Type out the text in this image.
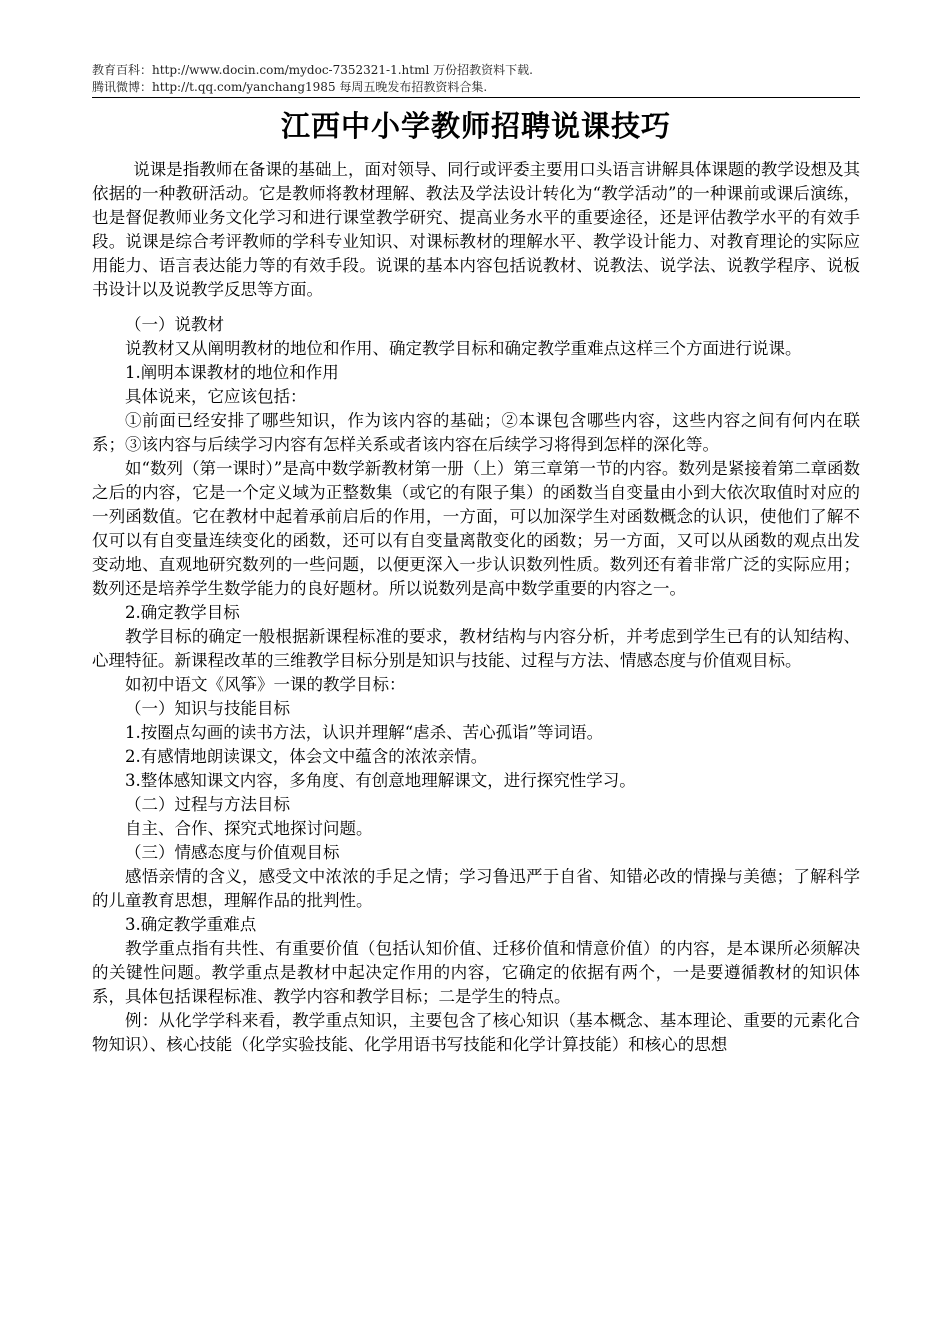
教育百科：http://www.docin.com/mydoc-7352321-1.html 万份招教资料下载.
腾讯微博：http://t.qq.com/yanchang1985 每周五晚发布招教资料合集.
江西中小学教师招聘说课技巧

说课是指教师在备课的基础上，面对领导、同行或评委主要用口头语言讲解具体课题的教学设想及其依据的一种教研活动。它是教师将教材理解、教法及学法设计转化为“教学活动”的一种课前或课后演练，也是督促教师业务文化学习和进行课堂教学研究、提高业务水平的重要途径，还是评估教学水平的有效手段。说课是综合考评教师的学科专业知识、对课标教材的理解水平、教学设计能力、对教育理论的实际应用能力、语言表达能力等的有效手段。说课的基本内容包括说教材、说教法、说学法、说教学程序、说板书设计以及说教学反思等方面。

（一）说教材

说教材又从阐明教材的地位和作用、确定教学目标和确定教学重难点这样三个方面进行说课。

1.阐明本课教材的地位和作用

具体说来，它应该包括：

①前面已经安排了哪些知识，作为该内容的基础；②本课包含哪些内容，这些内容之间有何内在联系；③该内容与后续学习内容有怎样关系或者该内容在后续学习将得到怎样的深化等。

如“数列（第一课时）”是高中数学新教材第一册（上）第三章第一节的内容。数列是紧接着第二章函数之后的内容，它是一个定义域为正整数集（或它的有限子集）的函数当自变量由小到大依次取值时对应的一列函数值。它在教材中起着承前启后的作用，一方面，可以加深学生对函数概念的认识，使他们了解不仅可以有自变量连续变化的函数，还可以有自变量离散变化的函数；另一方面，又可以从函数的观点出发变动地、直观地研究数列的一些问题，以便更深入一步认识数列性质。数列还有着非常广泛的实际应用；数列还是培养学生数学能力的良好题材。所以说数列是高中数学重要的内容之一。

2.确定教学目标

教学目标的确定一般根据新课程标准的要求，教材结构与内容分析，并考虑到学生已有的认知结构、心理特征。新课程改革的三维教学目标分别是知识与技能、过程与方法、情感态度与价值观目标。

如初中语文《风筝》一课的教学目标：

（一）知识与技能目标

1.按圈点勾画的读书方法，认识并理解“虐杀、苦心孤诣”等词语。

2.有感情地朗读课文，体会文中蕴含的浓浓亲情。

3.整体感知课文内容，多角度、有创意地理解课文，进行探究性学习。

（二）过程与方法目标

自主、合作、探究式地探讨问题。

（三）情感态度与价值观目标

感悟亲情的含义，感受文中浓浓的手足之情；学习鲁迅严于自省、知错必改的情操与美德；了解科学的儿童教育思想，理解作品的批判性。

3.确定教学重难点

教学重点指有共性、有重要价值（包括认知价值、迁移价值和情意价值）的内容，是本课所必须解决的关键性问题。教学重点是教材中起决定作用的内容，它确定的依据有两个，一是要遵循教材的知识体系，具体包括课程标准、教学内容和教学目标；二是学生的特点。

例：从化学学科来看，教学重点知识，主要包含了核心知识（基本概念、基本理论、重要的元素化合物知识）、核心技能（化学实验技能、化学用语书写技能和化学计算技能）和核心的思想
